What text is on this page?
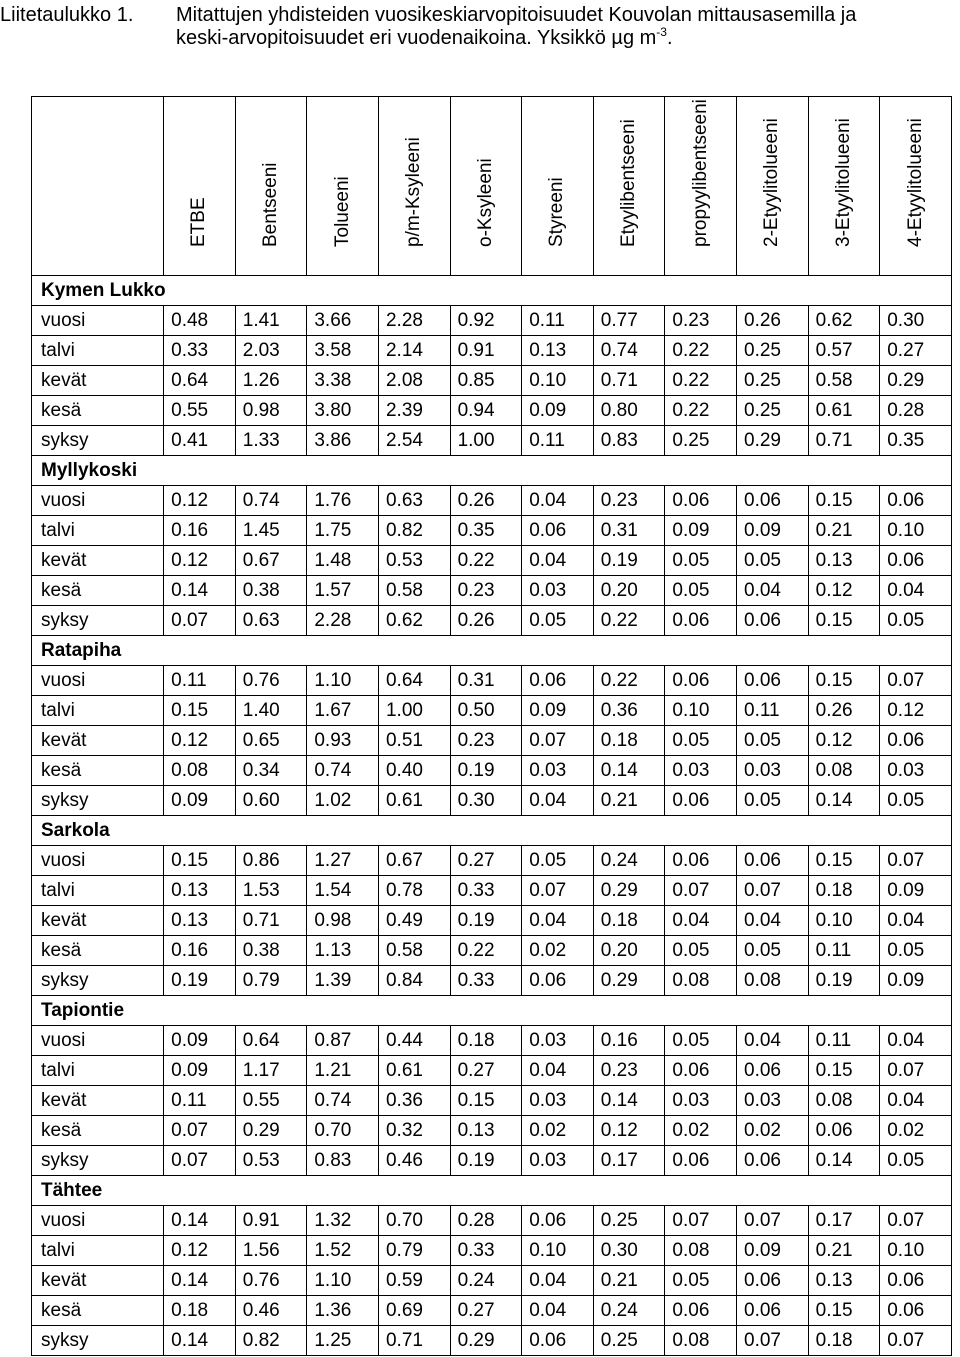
Liitetaulukko 1. Mitattujen yhdisteiden vuosikeskiarvopitoisuudet Kouvolan mittausasemilla ja
keski-arvopitoisuudet eri vuodenaikoina. Yksikkö µg $m^{-3}$.

	ETBE	Bentseeni	Tolueeni	p/m-Ksyleeni	o-Ksyleeni	Styreeni	Etyylibentseeni	propyylibentseeni	2-Etyylitolueeni	3-Etyylitolueeni	4-Etyylitolueeni

Kymen Lukko											
vuosi	0.48	1.41	3.66	2.28	0.92	0.11	0.77	0.23	0.26	0.62	0.30
talvi	0.33	2.03	3.58	2.14	0.91	0.13	0.74	0.22	0.25	0.57	0.27
kevät	0.64	1.26	3.38	2.08	0.85	0.10	0.71	0.22	0.25	0.58	0.29
kesä	0.55	0.98	3.80	2.39	0.94	0.09	0.80	0.22	0.25	0.61	0.28
syksy	0.41	1.33	3.86	2.54	1.00	0.11	0.83	0.25	0.29	0.71	0.35
Myllykoski											
vuosi	0.12	0.74	1.76	0.63	0.26	0.04	0.23	0.06	0.06	0.15	0.06
talvi	0.16	1.45	1.75	0.82	0.35	0.06	0.31	0.09	0.09	0.21	0.10
kevät	0.12	0.67	1.48	0.53	0.22	0.04	0.19	0.05	0.05	0.13	0.06
kesä	0.14	0.38	1.57	0.58	0.23	0.03	0.20	0.05	0.04	0.12	0.04
syksy	0.07	0.63	2.28	0.62	0.26	0.05	0.22	0.06	0.06	0.15	0.05
Ratapiha											
vuosi	0.11	0.76	1.10	0.64	0.31	0.06	0.22	0.06	0.06	0.15	0.07
talvi	0.15	1.40	1.67	1.00	0.50	0.09	0.36	0.10	0.11	0.26	0.12
kevät	0.12	0.65	0.93	0.51	0.23	0.07	0.18	0.05	0.05	0.12	0.06
kesä	0.08	0.34	0.74	0.40	0.19	0.03	0.14	0.03	0.03	0.08	0.03
syksy	0.09	0.60	1.02	0.61	0.30	0.04	0.21	0.06	0.05	0.14	0.05
Sarkola											
vuosi	0.15	0.86	1.27	0.67	0.27	0.05	0.24	0.06	0.06	0.15	0.07
talvi	0.13	1.53	1.54	0.78	0.33	0.07	0.29	0.07	0.07	0.18	0.09
kevät	0.13	0.71	0.98	0.49	0.19	0.04	0.18	0.04	0.04	0.10	0.04
kesä	0.16	0.38	1.13	0.58	0.22	0.02	0.20	0.05	0.05	0.11	0.05
syksy	0.19	0.79	1.39	0.84	0.33	0.06	0.29	0.08	0.08	0.19	0.09
Tapiontie											
vuosi	0.09	0.64	0.87	0.44	0.18	0.03	0.16	0.05	0.04	0.11	0.04
talvi	0.09	1.17	1.21	0.61	0.27	0.04	0.23	0.06	0.06	0.15	0.07
kevät	0.11	0.55	0.74	0.36	0.15	0.03	0.14	0.03	0.03	0.08	0.04
kesä	0.07	0.29	0.70	0.32	0.13	0.02	0.12	0.02	0.02	0.06	0.02
syksy	0.07	0.53	0.83	0.46	0.19	0.03	0.17	0.06	0.06	0.14	0.05
Tähtee											
vuosi	0.14	0.91	1.32	0.70	0.28	0.06	0.25	0.07	0.07	0.17	0.07
talvi	0.12	1.56	1.52	0.79	0.33	0.10	0.30	0.08	0.09	0.21	0.10
kevät	0.14	0.76	1.10	0.59	0.24	0.04	0.21	0.05	0.06	0.13	0.06
kesä	0.18	0.46	1.36	0.69	0.27	0.04	0.24	0.06	0.06	0.15	0.06
syksy	0.14	0.82	1.25	0.71	0.29	0.06	0.25	0.08	0.07	0.18	0.07
